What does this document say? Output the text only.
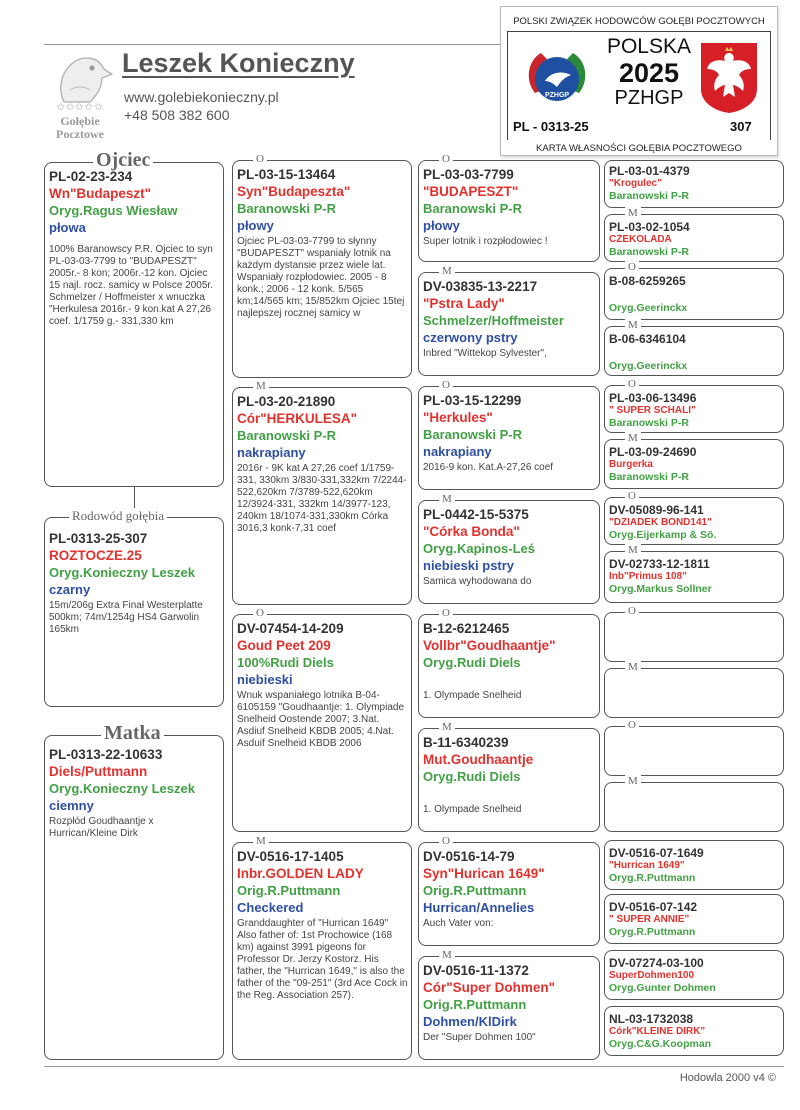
✩✩✩✩✩
Gołębie
Pocztowe
Leszek Konieczny
www.golebiekonieczny.pl
+48 508 382 600
POLSKI ZWIĄZEK HODOWCÓW GOŁĘBI POCZTOWYCH
PZHGP
POLSKA
2025
PZHGP
PL - 0313-25	307
KARTA WŁASNOŚCI GOŁĘBIA POCZTOWEGO
Ojciec
PL-02-23-234
Wn"Budapeszt"
Oryg.Ragus Wiesław
płowa
100% Baranowscy P.R. Ojciec to syn PL-03-03-7799 to "BUDAPESZT" 2005r.- 8 kon; 2006r.-12 kon. Ojciec 15 najl. rocz. samicy w Polsce 2005r. Schmelzer / Hoffmeister x wnuczka "Herkulesa 2016r.- 9 kon.kat A 27,26 coef. 1/1759 g.- 331,330 km
Rodowód gołębia
PL-0313-25-307
ROZTOCZE.25
Oryg.Konieczny Leszek
czarny
15m/206g Extra Finał Westerplatte 500km; 74m/1254g HS4 Garwolin 165km
Matka
PL-0313-22-10633
Diels/Puttmann
Oryg.Konieczny Leszek
ciemny
Rozpłód Goudhaantje x Hurrican/Kleine Dirk
O
PL-03-15-13464
Syn"Budapeszta"
Baranowski P-R
płowy
Ojciec PL-03-03-7799 to słynny "BUDAPESZT" wspaniały lotnik na każdym dystansie przez wiele lat. Wspaniały rozpłodowiec. 2005 - 8 konk.; 2006 - 12 konk. 5/565 km;14/565 km; 15/852km Ojciec 15tej najlepszej rocznej samicy w
M
PL-03-20-21890
Cór"HERKULESA"
Baranowski P-R
nakrapiany
2016r - 9K kat A 27,26 coef 1/1759-331, 330km 3/830-331,332km 7/2244-522,620km 7/3789-522,620km 12/3924-331, 332km 14/3977-123, 240km 18/1074-331,330km Córka 3016,3 konk-7,31 coef
O
DV-07454-14-209
Goud Peet 209
100%Rudi Diels
niebieski
Wnuk wspaniałego lotnika B-04-6105159 "Goudhaantje: 1. Olympiade Snelheid Oostende 2007; 3.Nat. Asdiuf Snelheid KBDB 2005; 4.Nat. Asduif Snelheid KBDB 2006
M
DV-0516-17-1405
Inbr.GOLDEN LADY
Orig.R.Puttmann
Checkered
Granddaughter of "Hurrican 1649" Also father of: 1st Prochowice (168 km) against 3991 pigeons for Professor Dr. Jerzy Kostorz. His father, the "Hurrican 1649," is also the father of the "09-251" (3rd Ace Cock in the Reg. Association 257).
O
PL-03-03-7799
"BUDAPESZT"
Baranowski P-R
płowy
Super lotnik i rozpłodowiec !
M
DV-03835-13-2217
"Pstra Lady"
Schmelzer/Hoffmeister
czerwony pstry
Inbred "Wittekop Sylvester",
O
PL-03-15-12299
"Herkules"
Baranowski P-R
nakrapiany
2016-9 kon. Kat.A-27,26 coef
M
PL-0442-15-5375
"Córka Bonda"
Oryg.Kapinos-Leś
niebieski pstry
Samica wyhodowana do
O
B-12-6212465
Vollbr"Goudhaantje"
Oryg.Rudi Diels
1. Olympade Snelheid
M
B-11-6340239
Mut.Goudhaantje
Oryg.Rudi Diels
1. Olympade Snelheid
O
DV-0516-14-79
Syn"Hurican 1649"
Orig.R.Puttmann
Hurrican/Annelies
Auch Vater von:
M
DV-0516-11-1372
Cór"Super Dohmen"
Orig.R.Puttmann
Dohmen/KlDirk
Der "Super Dohmen 100"
PL-03-01-4379
"Krogulec"
Baranowski P-R
M
PL-03-02-1054
CZEKOLADA
Baranowski P-R
O
B-08-6259265
Oryg.Geerinckx
M
B-06-6346104
Oryg.Geerinckx
O
PL-03-06-13496
" SUPER SCHALI"
Baranowski P-R
M
PL-03-09-24690
Burgerka
Baranowski P-R
O
DV-05089-96-141
"DZIADEK BOND141"
Oryg.Eijerkamp & Sö.
M
DV-02733-12-1811
Inb"Primus 108"
Oryg.Markus Sollner
O
M
O
M
DV-0516-07-1649
"Hurrican 1649"
Oryg.R.Puttmann
DV-0516-07-142
" SUPER ANNIE"
Oryg.R.Puttmann
DV-07274-03-100
SuperDohmen100
Oryg.Gunter Dohmen
NL-03-1732038
Córk"KLEINE DIRK"
Oryg.C&G.Koopman
Hodowla 2000 v4 ©
